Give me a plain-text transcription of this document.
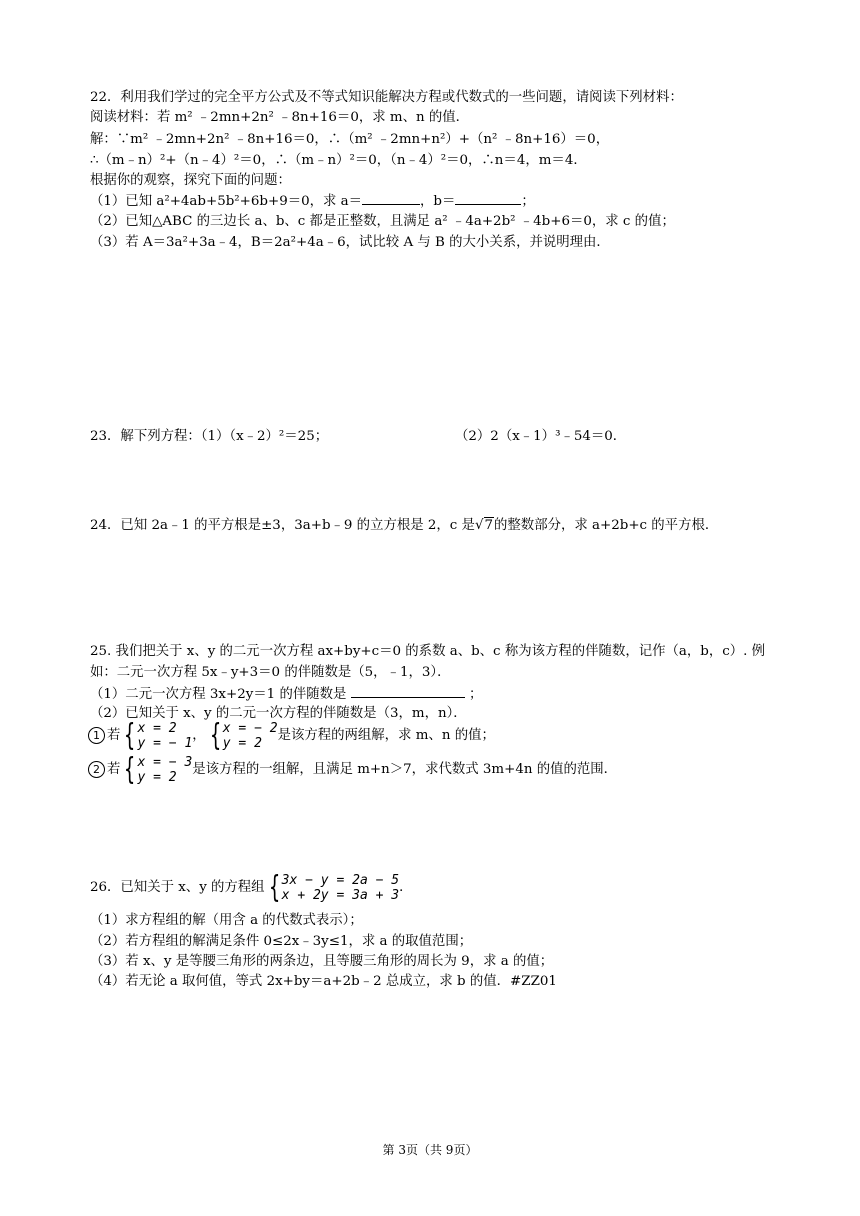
22．利用我们学过的完全平方公式及不等式知识能解决方程或代数式的一些问题，请阅读下列材料：
阅读材料：若 m² ﹣2mn+2n² ﹣8n+16＝0，求 m、n 的值．
解：∵m² ﹣2mn+2n² ﹣8n+16＝0，∴（m² ﹣2mn+n²）+（n² ﹣8n+16）＝0，
∴（m﹣n）²+（n﹣4）²＝0，∴（m﹣n）²＝0，（n﹣4）²＝0，∴n＝4，m＝4．
根据你的观察，探究下面的问题：
（1）已知 a²+4ab+5b²+6b+9＝0，求 a＝	，b＝	；
（2）已知△ABC 的三边长 a、b、c 都是正整数，且满足 a² ﹣4a+2b² ﹣4b+6＝0，求 c 的值；
（3）若 A＝3a²+3a﹣4，B＝2a²+4a﹣6，试比较 A 与 B 的大小关系，并说明理由．
23．解下列方程：（1）（x﹣2）²＝25；	（2）2（x﹣1）³﹣54＝0．
24．已知 2a﹣1 的平方根是±3，3a+b﹣9 的立方根是 2，c 是√7的整数部分，求 a+2b+c 的平方根．
25. 我们把关于 x、y 的二元一次方程 ax+by+c＝0 的系数 a、b、c 称为该方程的伴随数，记作（a，b，c）. 例
如：二元一次方程 5x﹣y+3＝0 的伴随数是（5，﹣1，3）．
（1）二元一次方程 3x+2y＝1 的伴随数是	；
（2）已知关于 x、y 的二元一次方程的伴随数是（3，m，n）．
1 若 { x = 2
y = − 1 ， { x = − 2
y = 2	是该方程的两组解，求 m、n 的值；
2 若 { x = − 3
y = 2	是该方程的一组解，且满足 m+n＞7，求代数式 3m+4n 的值的范围．
26．已知关于 x、y 的方程组 { 3x − y = 2a − 5
x + 2y = 3a + 3 ．
（1）求方程组的解（用含 a 的代数式表示）；
（2）若方程组的解满足条件 0≤2x﹣3y≤1，求 a 的取值范围；
（3）若 x、y 是等腰三角形的两条边，且等腰三角形的周长为 9，求 a 的值；
（4）若无论 a 取何值，等式 2x+by＝a+2b﹣2 总成立，求 b 的值．#ZZ01
第 3页（共 9页）
